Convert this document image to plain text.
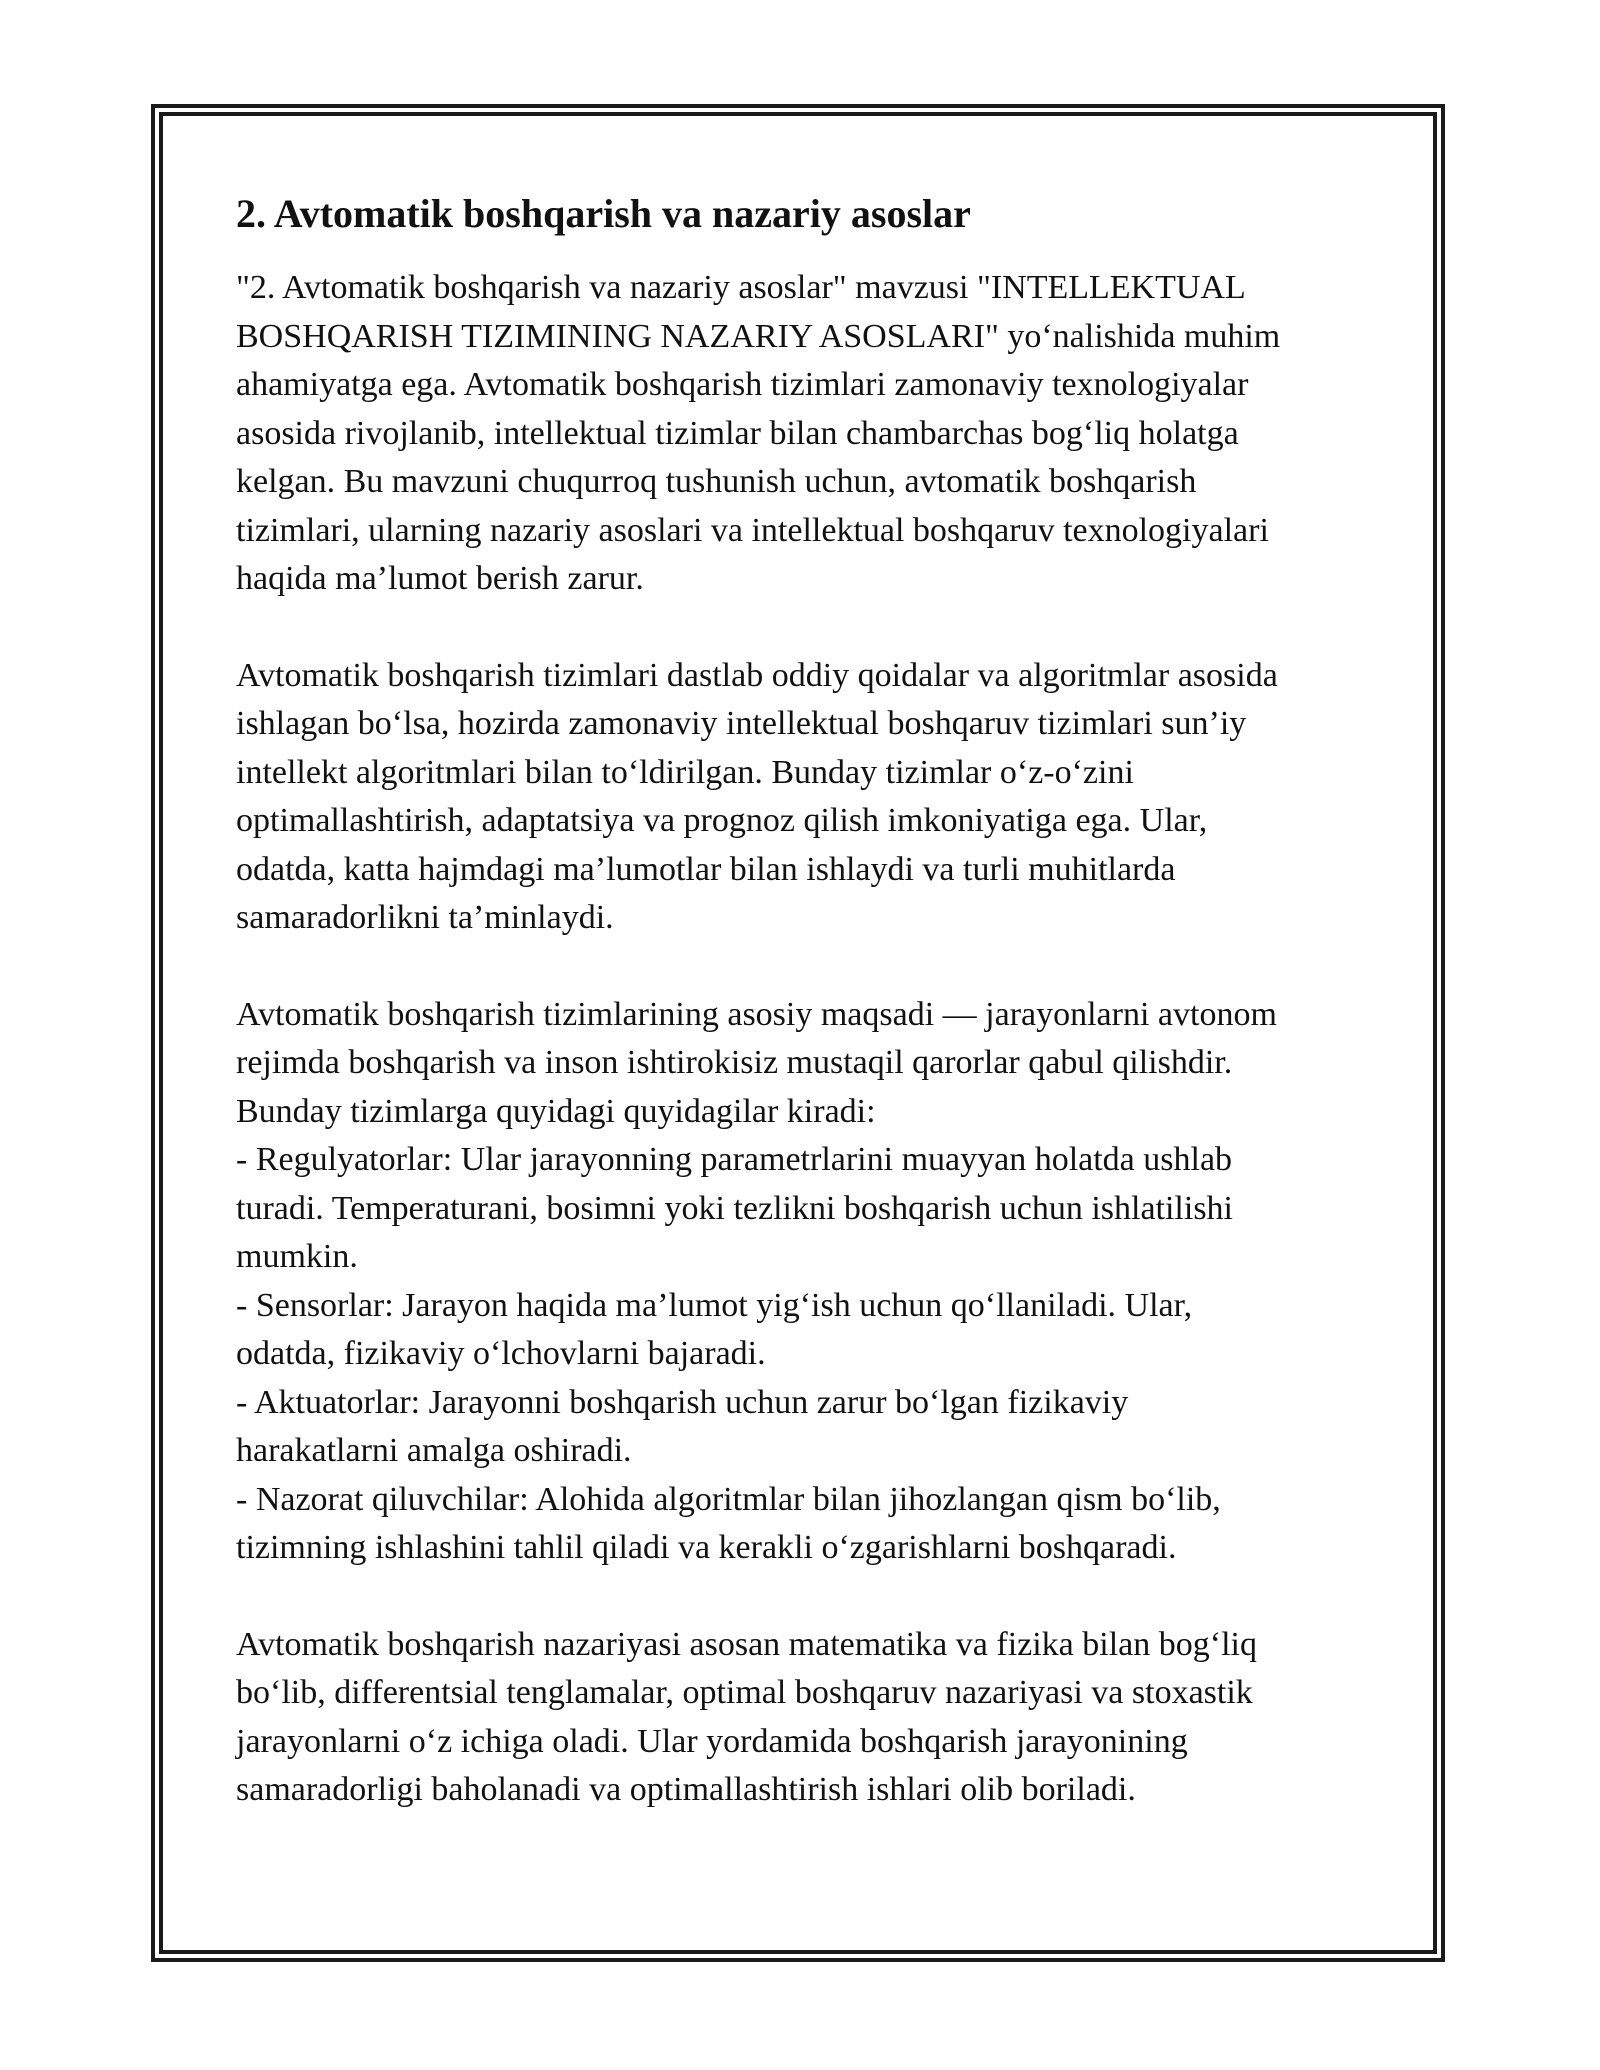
2. Avtomatik boshqarish va nazariy asoslar
"2. Avtomatik boshqarish va nazariy asoslar" mavzusi "INTELLEKTUAL
BOSHQARISH TIZIMINING NAZARIY ASOSLARI" yo‘nalishida muhim
ahamiyatga ega. Avtomatik boshqarish tizimlari zamonaviy texnologiyalar
asosida rivojlanib, intellektual tizimlar bilan chambarchas bog‘liq holatga
kelgan. Bu mavzuni chuqurroq tushunish uchun, avtomatik boshqarish
tizimlari, ularning nazariy asoslari va intellektual boshqaruv texnologiyalari
haqida ma’lumot berish zarur.
Avtomatik boshqarish tizimlari dastlab oddiy qoidalar va algoritmlar asosida
ishlagan bo‘lsa, hozirda zamonaviy intellektual boshqaruv tizimlari sun’iy
intellekt algoritmlari bilan to‘ldirilgan. Bunday tizimlar o‘z-o‘zini
optimallashtirish, adaptatsiya va prognoz qilish imkoniyatiga ega. Ular,
odatda, katta hajmdagi ma’lumotlar bilan ishlaydi va turli muhitlarda
samaradorlikni ta’minlaydi.
Avtomatik boshqarish tizimlarining asosiy maqsadi — jarayonlarni avtonom
rejimda boshqarish va inson ishtirokisiz mustaqil qarorlar qabul qilishdir.
Bunday tizimlarga quyidagi quyidagilar kiradi:
- Regulyatorlar: Ular jarayonning parametrlarini muayyan holatda ushlab
turadi. Temperaturani, bosimni yoki tezlikni boshqarish uchun ishlatilishi
mumkin.
- Sensorlar: Jarayon haqida ma’lumot yig‘ish uchun qo‘llaniladi. Ular,
odatda, fizikaviy o‘lchovlarni bajaradi.
- Aktuatorlar: Jarayonni boshqarish uchun zarur bo‘lgan fizikaviy
harakatlarni amalga oshiradi.
- Nazorat qiluvchilar: Alohida algoritmlar bilan jihozlangan qism bo‘lib,
tizimning ishlashini tahlil qiladi va kerakli o‘zgarishlarni boshqaradi.
Avtomatik boshqarish nazariyasi asosan matematika va fizika bilan bog‘liq
bo‘lib, differentsial tenglamalar, optimal boshqaruv nazariyasi va stoxastik
jarayonlarni o‘z ichiga oladi. Ular yordamida boshqarish jarayonining
samaradorligi baholanadi va optimallashtirish ishlari olib boriladi.
